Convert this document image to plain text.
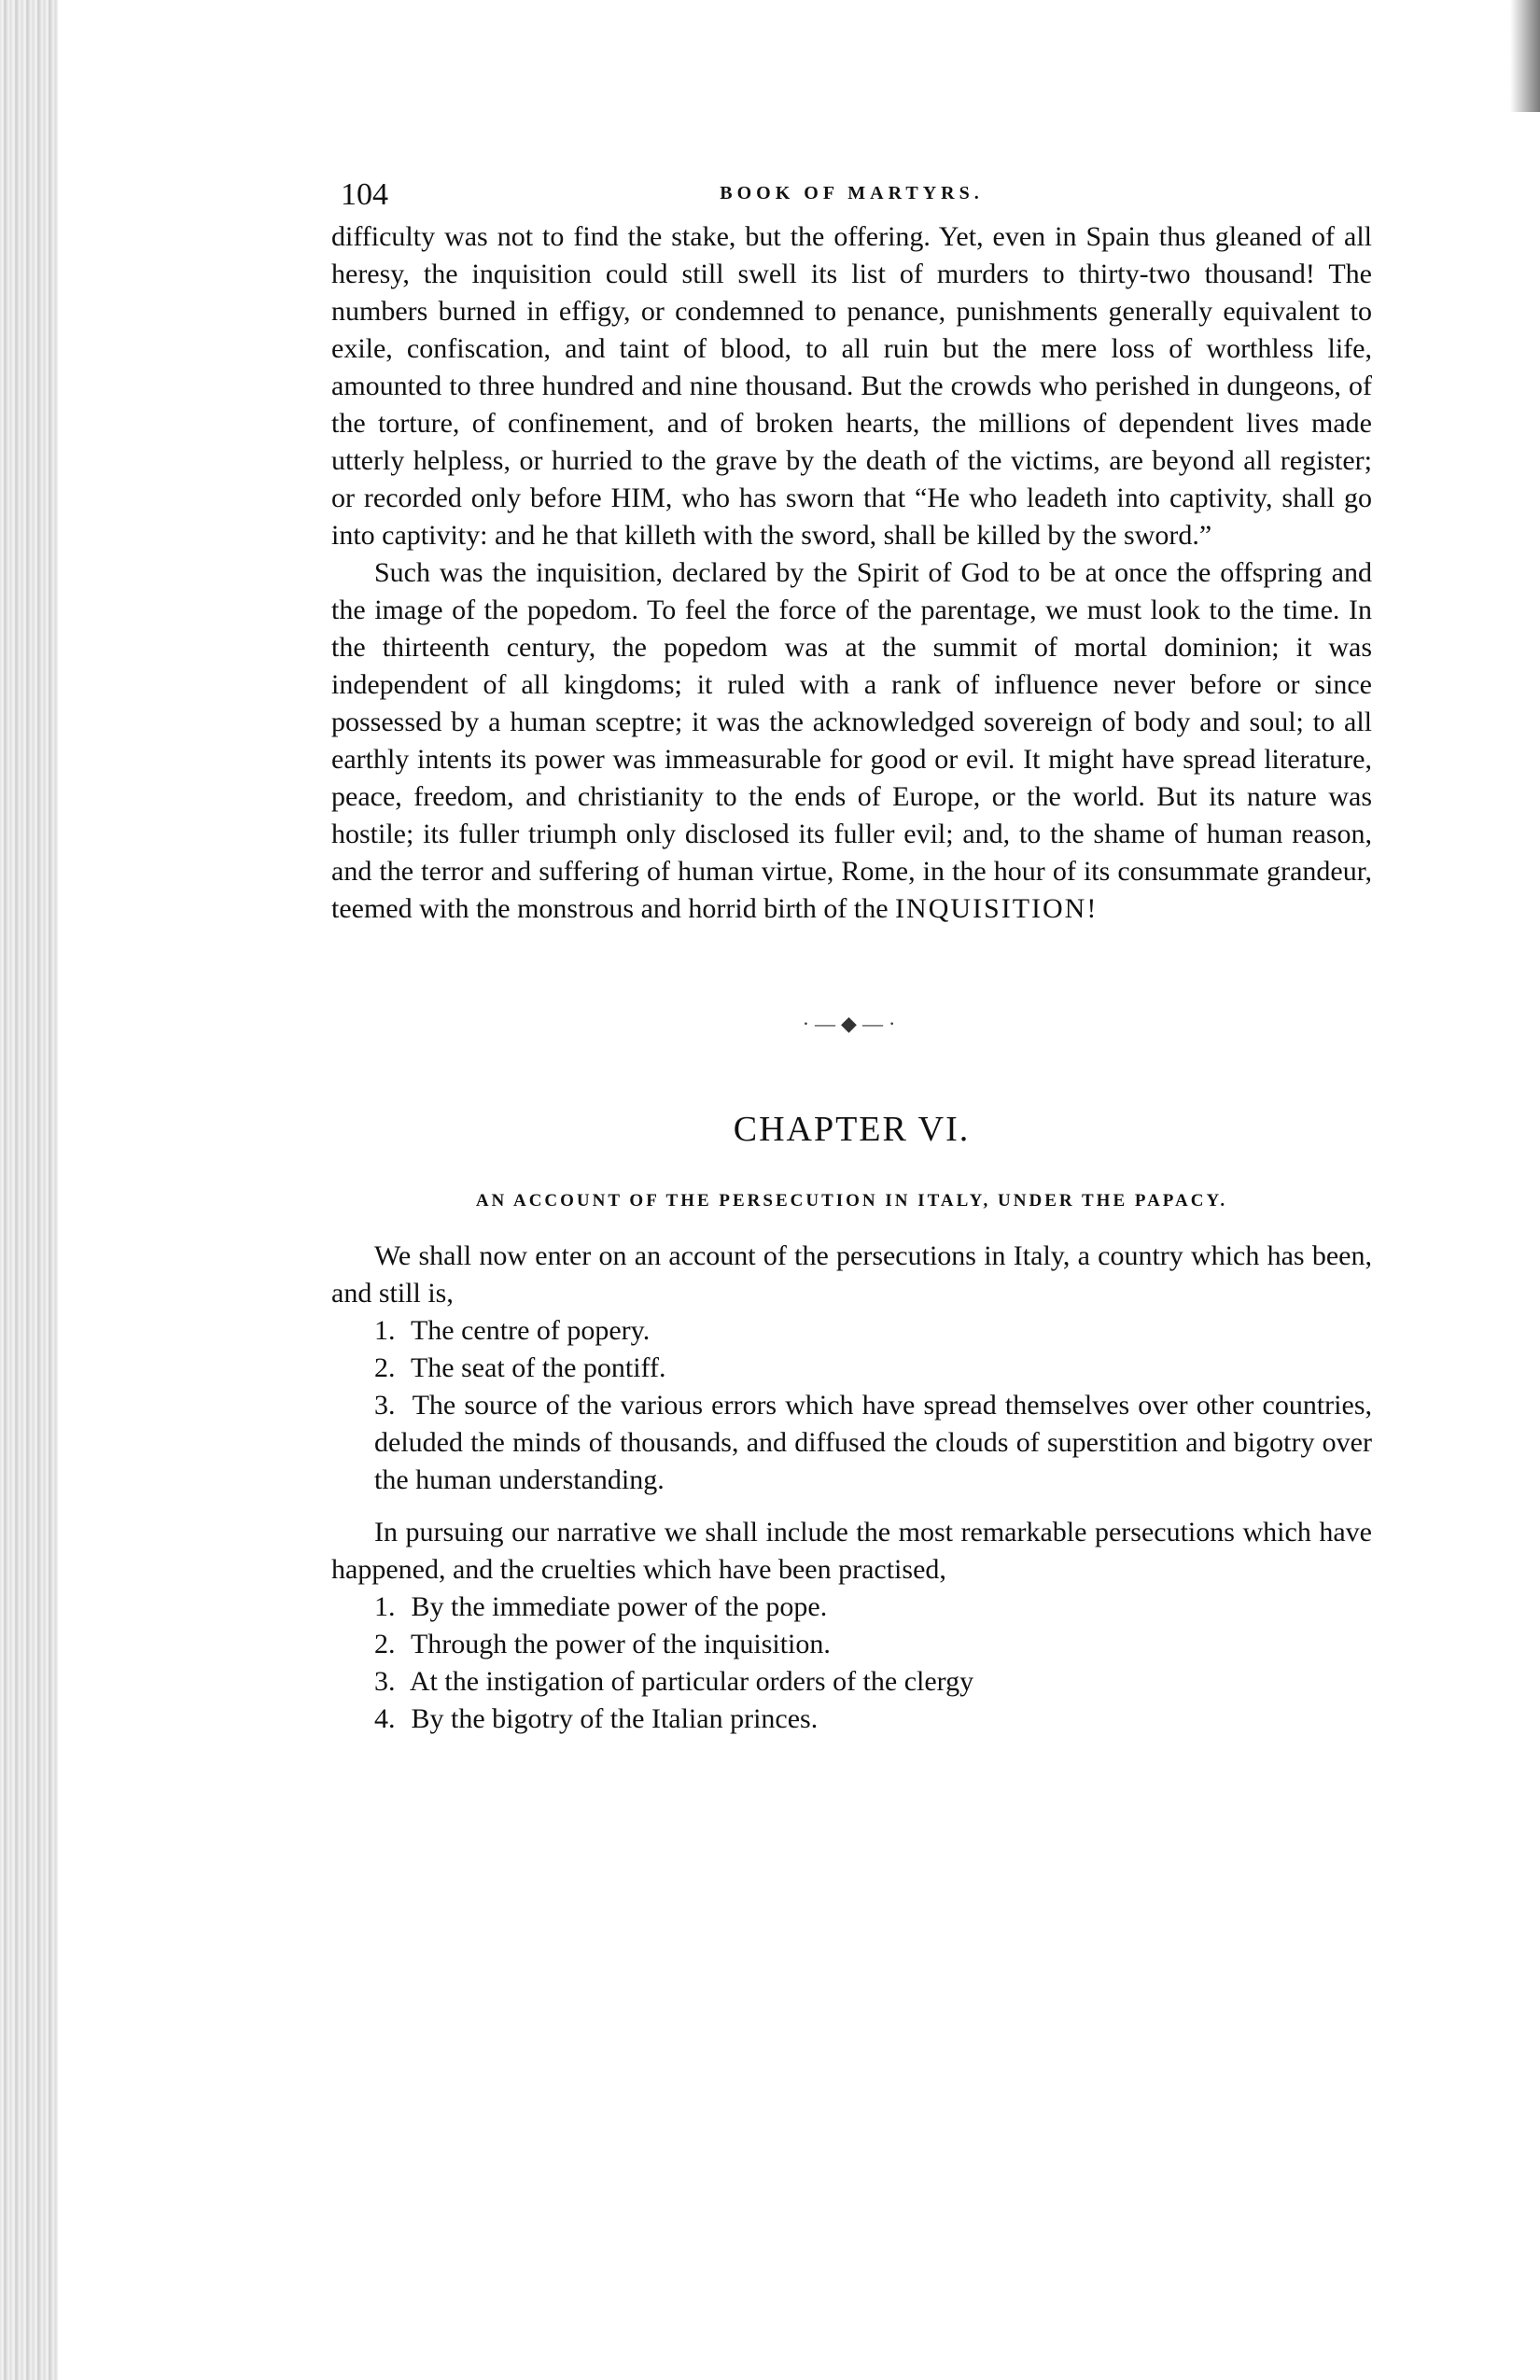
104	BOOK OF MARTYRS.

difficulty was not to find the stake, but the offering. Yet, even in Spain thus gleaned of all heresy, the inquisition could still swell its list of murders to thirty-two thousand! The numbers burned in effigy, or condemned to penance, punishments generally equivalent to exile, confiscation, and taint of blood, to all ruin but the mere loss of worthless life, amounted to three hundred and nine thousand. But the crowds who perished in dungeons, of the torture, of confinement, and of broken hearts, the millions of dependent lives made utterly helpless, or hurried to the grave by the death of the victims, are beyond all register; or recorded only before HIM, who has sworn that “He who leadeth into captivity, shall go into captivity: and he that killeth with the sword, shall be killed by the sword.”

Such was the inquisition, declared by the Spirit of God to be at once the offspring and the image of the popedom. To feel the force of the parentage, we must look to the time. In the thirteenth century, the popedom was at the summit of mortal dominion; it was independent of all kingdoms; it ruled with a rank of influence never before or since possessed by a human sceptre; it was the acknowledged sovereign of body and soul; to all earthly intents its power was immeasurable for good or evil. It might have spread literature, peace, freedom, and christianity to the ends of Europe, or the world. But its nature was hostile; its fuller triumph only disclosed its fuller evil; and, to the shame of human reason, and the terror and suffering of human virtue, Rome, in the hour of its consummate grandeur, teemed with the monstrous and horrid birth of the INQUISITION!

·—◆—·
CHAPTER VI.
AN ACCOUNT OF THE PERSECUTION IN ITALY, UNDER THE PAPACY.

We shall now enter on an account of the persecutions in Italy, a country which has been, and still is,

1. The centre of popery.
2. The seat of the pontiff.
3. The source of the various errors which have spread themselves over other countries, deluded the minds of thousands, and diffused the clouds of superstition and bigotry over the human understanding.

In pursuing our narrative we shall include the most remarkable persecutions which have happened, and the cruelties which have been practised,

1. By the immediate power of the pope.
2. Through the power of the inquisition.
3. At the instigation of particular orders of the clergy
4. By the bigotry of the Italian princes.
